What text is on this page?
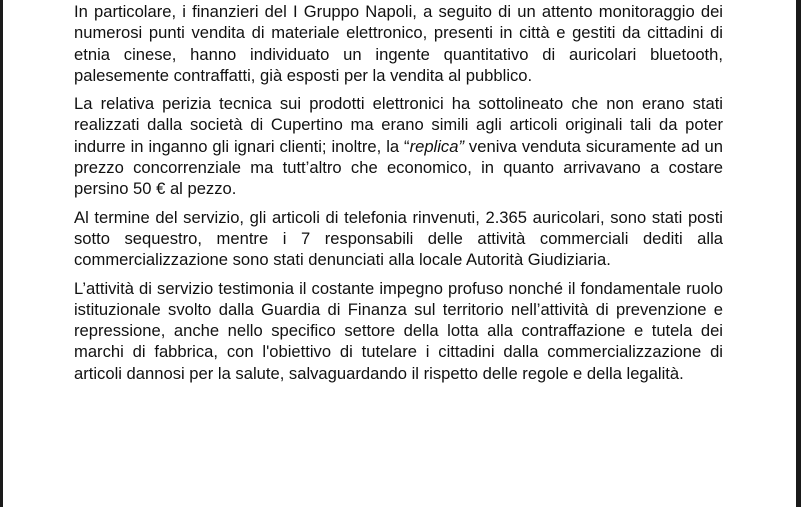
In particolare, i finanzieri del I Gruppo Napoli, a seguito di un attento monitoraggio dei numerosi punti vendita di materiale elettronico, presenti in città e gestiti da cittadini di etnia cinese, hanno individuato un ingente quantitativo di auricolari bluetooth, palesemente contraffatti, già esposti per la vendita al pubblico.

La relativa perizia tecnica sui prodotti elettronici ha sottolineato che non erano stati realizzati dalla società di Cupertino ma erano simili agli articoli originali tali da poter indurre in inganno gli ignari clienti; inoltre, la “replica” veniva venduta sicuramente ad un prezzo concorrenziale ma tutt’altro che economico, in quanto arrivavano a costare persino 50 € al pezzo.

Al termine del servizio, gli articoli di telefonia rinvenuti, 2.365 auricolari, sono stati posti sotto sequestro, mentre i 7 responsabili delle attività commerciali dediti alla commercializzazione sono stati denunciati alla locale Autorità Giudiziaria.

L’attività di servizio testimonia il costante impegno profuso nonché il fondamentale ruolo istituzionale svolto dalla Guardia di Finanza sul territorio nell’attività di prevenzione e repressione, anche nello specifico settore della lotta alla contraffazione e tutela dei marchi di fabbrica, con l'obiettivo di tutelare i cittadini dalla commercializzazione di articoli dannosi per la salute, salvaguardando il rispetto delle regole e della legalità.
